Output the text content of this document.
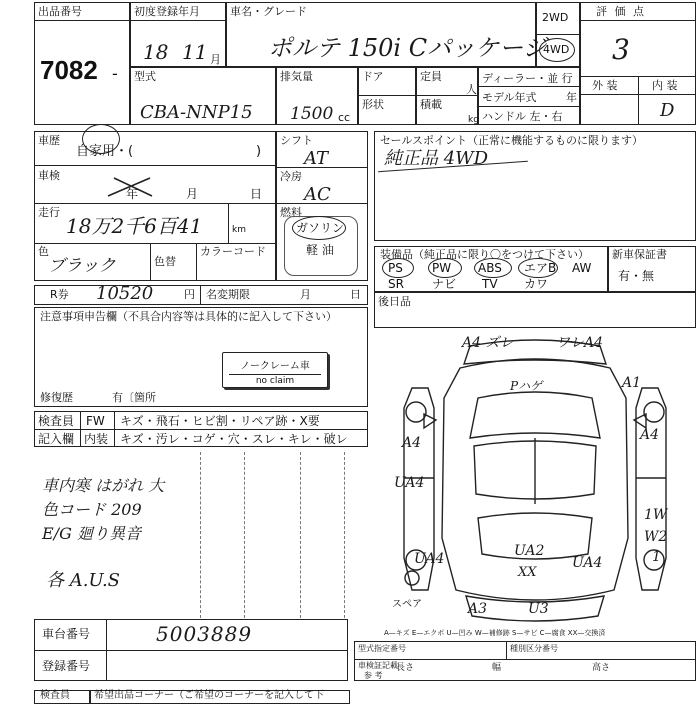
出品番号
7082 -
初度登録年月
18 11 月
車名・グレード
ポルテ 150i Cパッケージ
2WD
4WD
評 価 点
3
外 装	内 装
D
型式
CBA-NNP15
排気量
1500 cc
ドア
形状
定員
人
積載
kg
ディーラー・並 行
モデル年式	年
ハンドル 左・右
車歴
自家用・(	)
車検
年	月	日
走行
18万2千6百41	km
色
ブラック	色替
カラーコード
シフト
AT
冷房
AC
燃料
ガソリン
軽 油
セールスポイント（正常に機能するものに限ります）
純正品 4WD
装備品（純正品に限り〇をつけて下さい）
PS PW ABS エアB AW
SR ナビ TV カワ
新車保証書
有・無
R券 10520	円 名変期限	月	日
後日品
注意事項申告欄（不具合内容等は具体的に記入して下さい）
ノークレーム車
no claim
修復歴	有〔箇所
検査員 FW キズ・飛石・ヒビ割・リペア跡・X要
記入欄 内装 キズ・汚レ・コゲ・穴・スレ・キレ・破レ
車内寒 はがれ 大
色コード 209
E/G 廻り異音
各 A.U.S
A4 ズレ	ワレA4
Pハゲ	A1
A4	A4
UA4
1W
W2
1
UA4	UA2
XX
UA4
A3	U3
スペア
A—キズ E—エクボ U—凹み W—補修跡 S—サビ C—腐食 XX—交換済
車台番号	5003889
登録番号
型式指定番号	種別区分番号
車検証記載
参 考
長さ	幅	高さ
検査員 希望出品コーナー（ご希望のコーナーを記入して下
